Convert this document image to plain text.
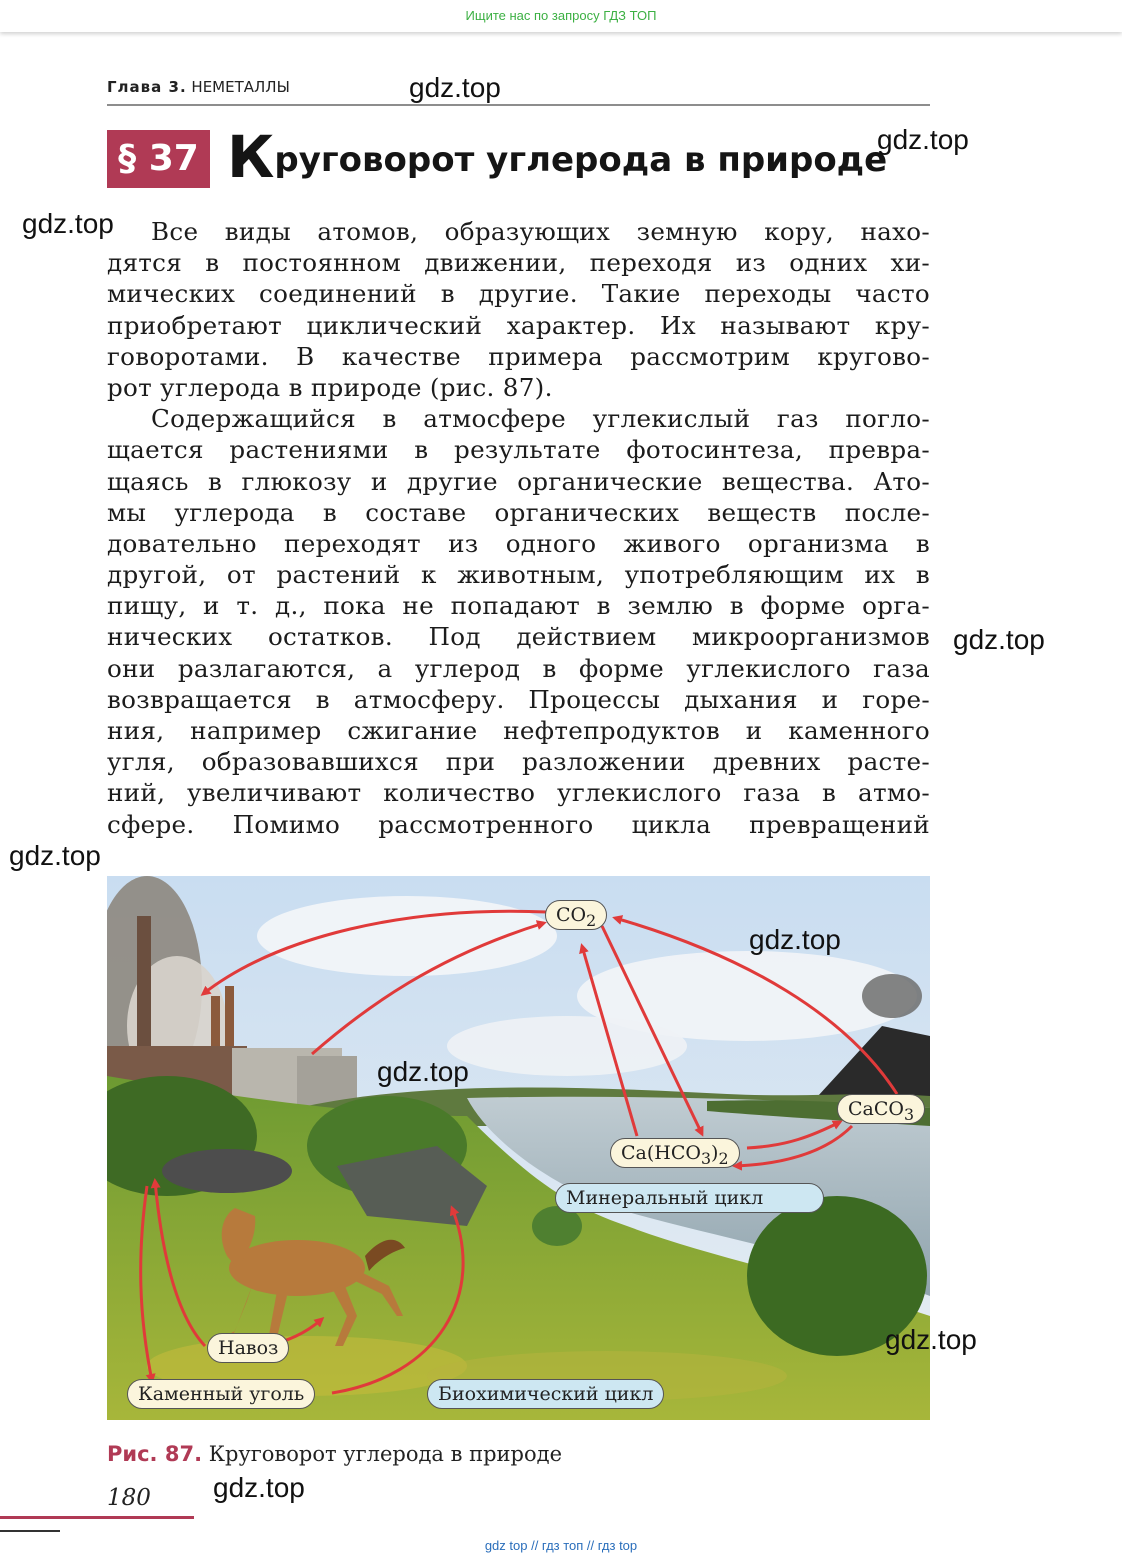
Ищите нас по запросу ГДЗ ТОП
Глава 3. НЕМЕТАЛЛЫ
§ 37 Круговорот углерода в природе
gdz.top
gdz.top
gdz.top
gdz.top
gdz.top
Все виды атомов, образующих земную кору, нахо-
дятся в постоянном движении, переходя из одних хи-
мических соединений в другие. Такие переходы часто
приобретают циклический характер. Их называют кру-
говоротами. В качестве примера рассмотрим кругово-
рот углерода в природе (рис. 87).
Содержащийся в атмосфере углекислый газ погло-
щается растениями в результате фотосинтеза, превра-
щаясь в глюкозу и другие органические вещества. Ато-
мы углерода в составе органических веществ после-
довательно переходят из одного живого организма в
другой, от растений к животным, употребляющим их в
пищу, и т. д., пока не попадают в землю в форме орга-
нических остатков. Под действием микроорганизмов
они разлагаются, а углерод в форме углекислого газа
возвращается в атмосферу. Процессы дыхания и горе-
ния, например сжигание нефтепродуктов и каменного
угля, образовавшихся при разложении древних расте-
ний, увеличивают количество углекислого газа в атмо-
сфере. Помимо рассмотренного цикла превращений
$CO_2$
CaCO$_3$
$Ca(HCO_3)_2$
Минеральный цикл
Навоз
Каменный уголь	Биохимический цикл
gdz.top
gdz.top
gdz.top
Рис. 87. Круговорот углерода в природе
180 gdz.top
gdz top // гдз топ // гдз top
